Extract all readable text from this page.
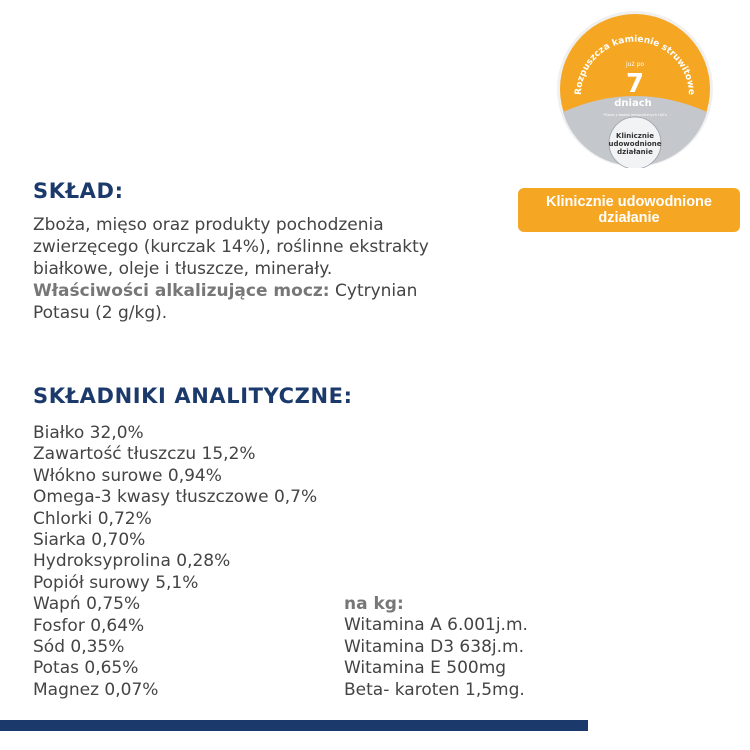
Rozpuszcza kamienie struwitowe
już po
7
dniach
*Dane z badań wewnętrznych Hill's
Klinicznie
udowodnione
działanie
Klinicznie udowodnione działanie
SKŁAD:
Zboża, mięso oraz produkty pochodzenia
zwierzęcego (kurczak 14%), roślinne ekstrakty
białkowe, oleje i tłuszcze, minerały.
Właściwości alkalizujące mocz: Cytrynian
Potasu (2 g/kg).
SKŁADNIKI ANALITYCZNE:
Białko 32,0%
Zawartość tłuszczu 15,2%
Włókno surowe 0,94%
Omega-3 kwasy tłuszczowe 0,7%
Chlorki 0,72%
Siarka 0,70%
Hydroksyprolina 0,28%
Popiół surowy 5,1%
Wapń 0,75%
Fosfor 0,64%
Sód 0,35%
Potas 0,65%
Magnez 0,07%
na kg:
Witamina A 6.001j.m.
Witamina D3 638j.m.
Witamina E 500mg
Beta- karoten 1,5mg.
